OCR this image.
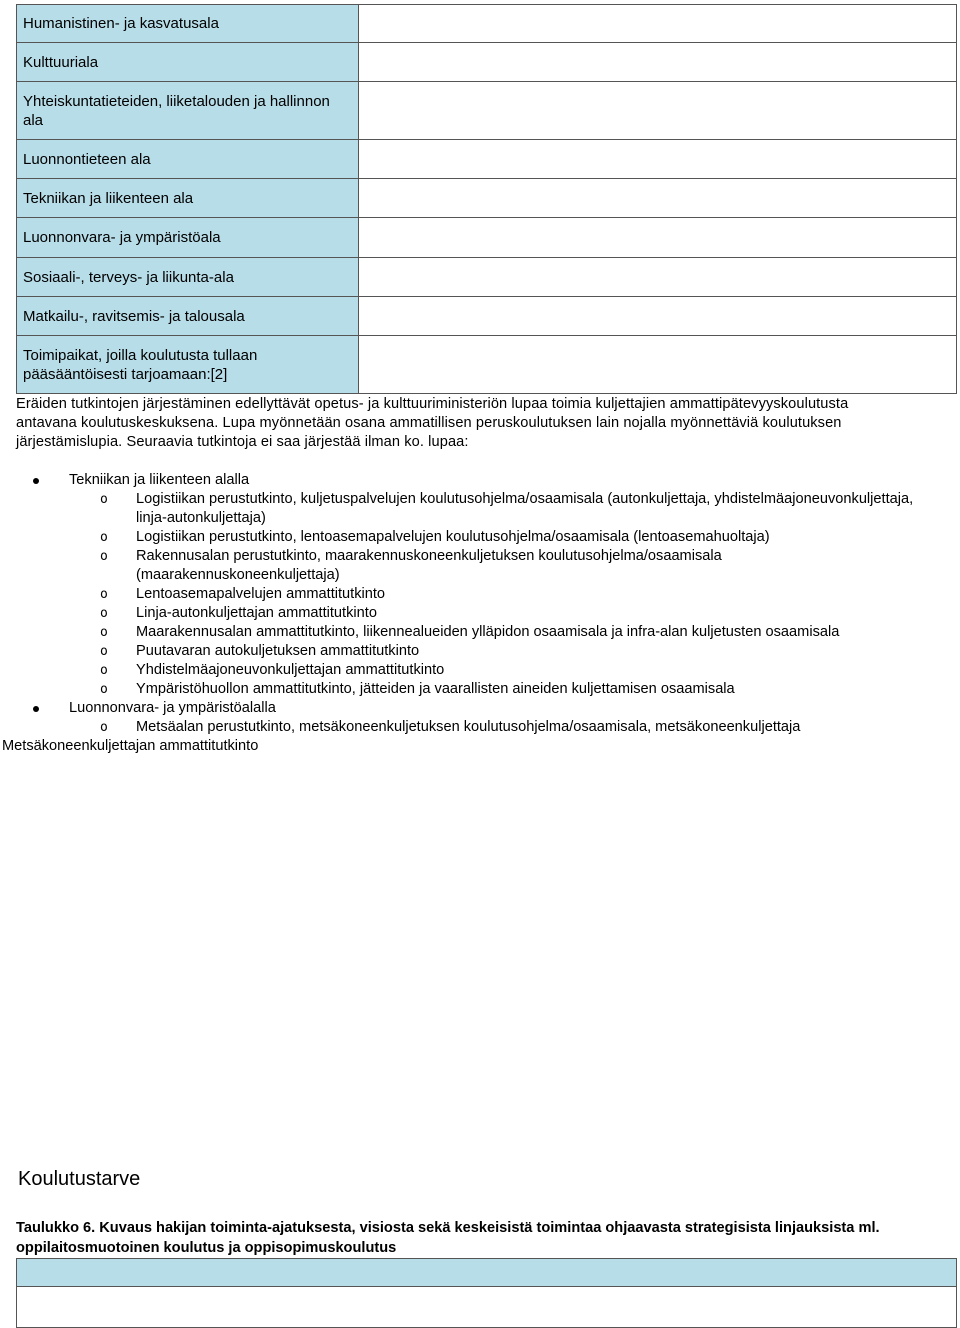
Humanistinen- ja kasvatusala	
Kulttuuriala	
Yhteiskuntatieteiden, liiketalouden ja hallinnon ala	
Luonnontieteen ala	
Tekniikan ja liikenteen ala	
Luonnonvara- ja ympäristöala	
Sosiaali-, terveys- ja liikunta-ala	
Matkailu-, ravitsemis- ja talousala	
Toimipaikat, joilla koulutusta tullaan pääsääntöisesti tarjoamaan:[2]	

Eräiden tutkintojen järjestäminen edellyttävät opetus- ja kulttuuriministeriön lupaa toimia kuljettajien ammattipätevyyskoulutusta antavana koulutuskeskuksena. Lupa myönnetään osana ammatillisen peruskoulutuksen lain nojalla myönnettäviä koulutuksen järjestämislupia. Seuraavia tutkintoja ei saa järjestää ilman ko. lupaa:

Tekniikan ja liikenteen alalla
o Logistiikan perustutkinto, kuljetuspalvelujen koulutusohjelma/osaamisala (autonkuljettaja, yhdistelmäajoneuvonkuljettaja, linja-autonkuljettaja)
o Logistiikan perustutkinto, lentoasemapalvelujen koulutusohjelma/osaamisala (lentoasemahuoltaja)
o Rakennusalan perustutkinto, maarakennuskoneenkuljetuksen koulutusohjelma/osaamisala (maarakennuskoneenkuljettaja)
o Lentoasemapalvelujen ammattitutkinto
o Linja-autonkuljettajan ammattitutkinto
o Maarakennusalan ammattitutkinto, liikennealueiden ylläpidon osaamisala ja infra-alan kuljetusten osaamisala
o Puutavaran autokuljetuksen ammattitutkinto
o Yhdistelmäajoneuvonkuljettajan ammattitutkinto
o Ympäristöhuollon ammattitutkinto, jätteiden ja vaarallisten aineiden kuljettamisen osaamisala
Luonnonvara- ja ympäristöalalla
o Metsäalan perustutkinto, metsäkoneenkuljetuksen koulutusohjelma/osaamisala, metsäkoneenkuljettaja
Metsäkoneenkuljettajan ammattitutkinto
Koulutustarve

Taulukko 6. Kuvaus hakijan toiminta-ajatuksesta, visiosta sekä keskeisistä toimintaa ohjaavasta strategisista linjauksista ml. oppilaitosmuotoinen koulutus ja oppisopimuskoulutus
